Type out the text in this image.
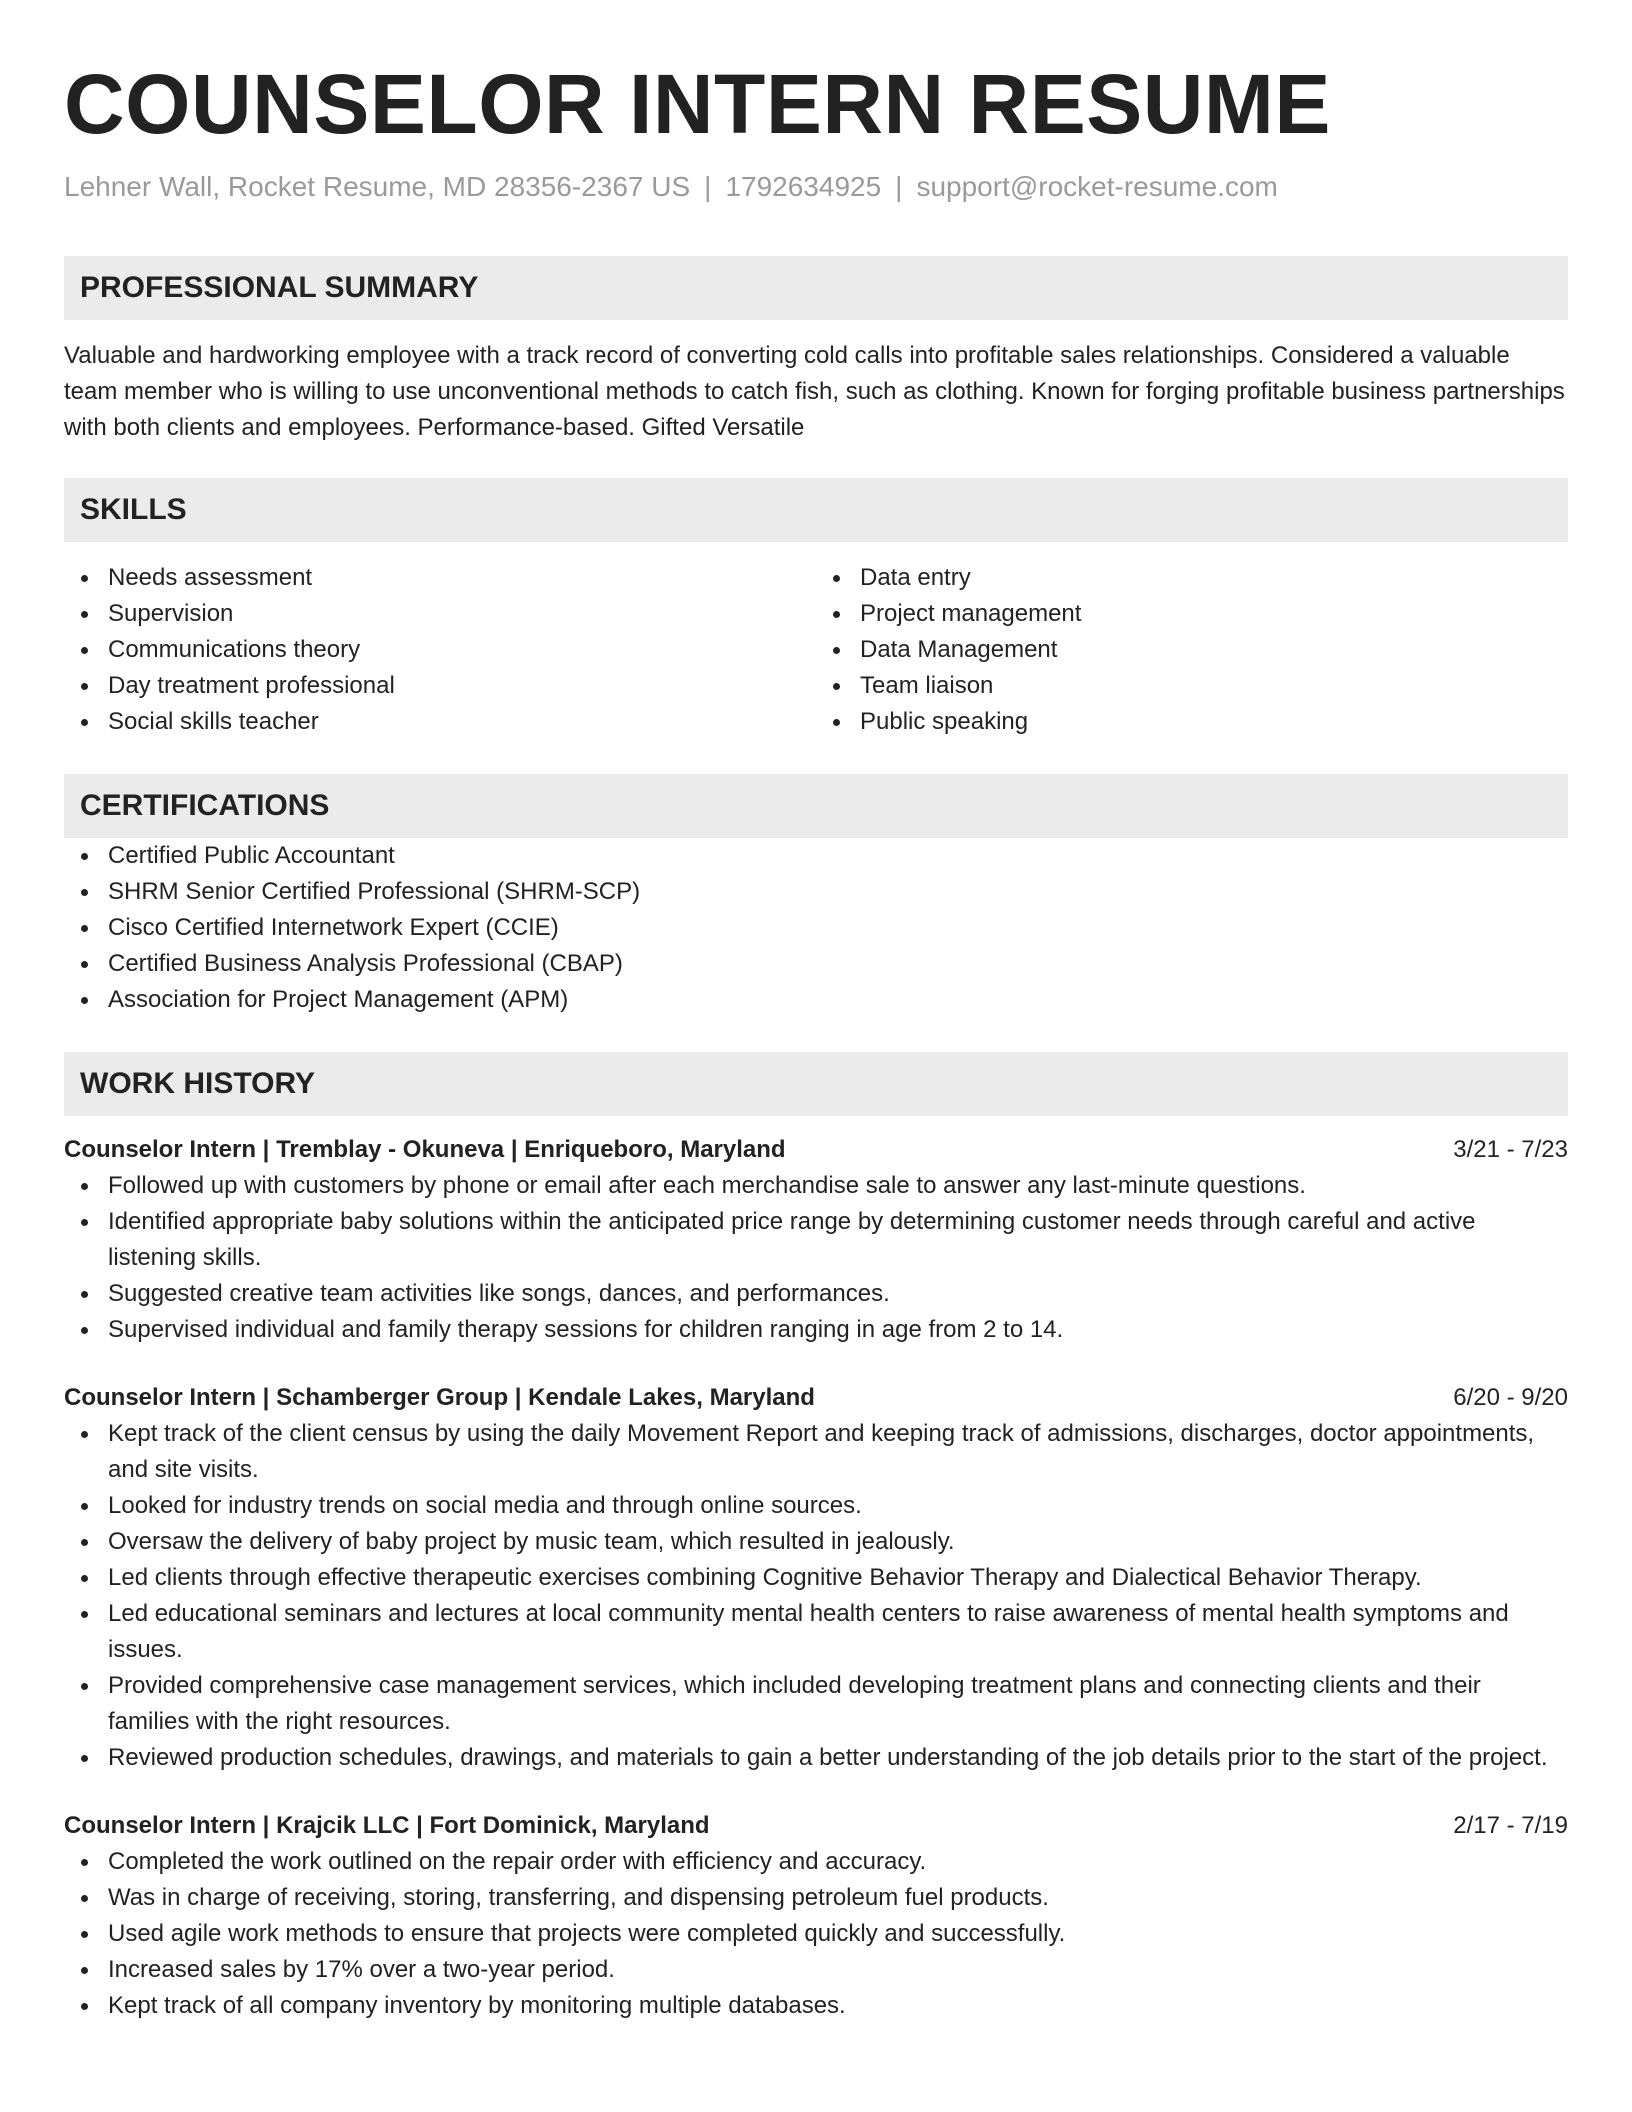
COUNSELOR INTERN RESUME
Lehner Wall, Rocket Resume, MD 28356-2367 US | 1792634925 | support@rocket-resume.com
PROFESSIONAL SUMMARY
Valuable and hardworking employee with a track record of converting cold calls into profitable sales relationships. Considered a valuable team member who is willing to use unconventional methods to catch fish, such as clothing. Known for forging profitable business partnerships with both clients and employees. Performance-based. Gifted Versatile
SKILLS
Needs assessment
Supervision
Communications theory
Day treatment professional
Social skills teacher
Data entry
Project management
Data Management
Team liaison
Public speaking
CERTIFICATIONS
Certified Public Accountant
SHRM Senior Certified Professional (SHRM-SCP)
Cisco Certified Internetwork Expert (CCIE)
Certified Business Analysis Professional (CBAP)
Association for Project Management (APM)
WORK HISTORY
Counselor Intern | Tremblay - Okuneva | Enriqueboro, Maryland	3/21 - 7/23
Followed up with customers by phone or email after each merchandise sale to answer any last-minute questions.
Identified appropriate baby solutions within the anticipated price range by determining customer needs through careful and active listening skills.
Suggested creative team activities like songs, dances, and performances.
Supervised individual and family therapy sessions for children ranging in age from 2 to 14.
Counselor Intern | Schamberger Group | Kendale Lakes, Maryland	6/20 - 9/20
Kept track of the client census by using the daily Movement Report and keeping track of admissions, discharges, doctor appointments, and site visits.
Looked for industry trends on social media and through online sources.
Oversaw the delivery of baby project by music team, which resulted in jealously.
Led clients through effective therapeutic exercises combining Cognitive Behavior Therapy and Dialectical Behavior Therapy.
Led educational seminars and lectures at local community mental health centers to raise awareness of mental health symptoms and issues.
Provided comprehensive case management services, which included developing treatment plans and connecting clients and their families with the right resources.
Reviewed production schedules, drawings, and materials to gain a better understanding of the job details prior to the start of the project.
Counselor Intern | Krajcik LLC | Fort Dominick, Maryland	2/17 - 7/19
Completed the work outlined on the repair order with efficiency and accuracy.
Was in charge of receiving, storing, transferring, and dispensing petroleum fuel products.
Used agile work methods to ensure that projects were completed quickly and successfully.
Increased sales by 17% over a two-year period.
Kept track of all company inventory by monitoring multiple databases.
